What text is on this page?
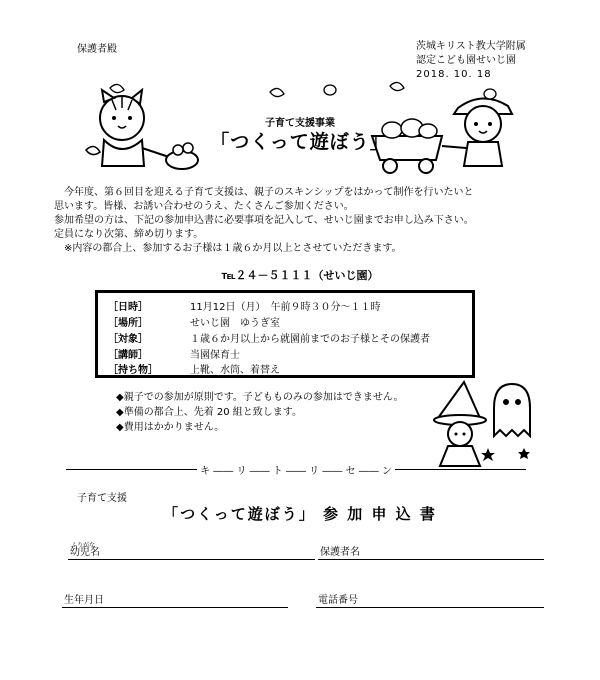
保護者殿	茨城キリスト教大学附属
認定こども園せいじ園
2018. 10. 18
子育て支援事業
「つくって遊ぼう」

　今年度、第６回目を迎える子育て支援は、親子のスキンシップをはかって制作を行いたいと

思います。皆様、お誘い合わせのうえ、たくさんご参加ください。

参加希望の方は、下記の参加申込書に必要事項を記入して、せいじ園までお申し込み下さい。

定員になり次第、締め切ります。

　※内容の都合上、参加するお子様は１歳６か月以上とさせていただきます。

℡２４－５１１１（せいじ園）
［日時］	11月12日（月）　午前９時３０分～１１時
［場所］	せいじ園　ゆうぎ室
［対象］	１歳６か月以上から就園前までのお子様とその保護者
［講師］	当園保育士
［持ち物］	上靴、水筒、着替え
◆親子での参加が原則です。子どもものみの参加はできません。
◆準備の都合上、先着 20 組と致します。
◆費用はかかりません。
キ ―― リ ―― ト ―― リ ―― セ ―― ン
子育て支援
「つくって遊ぼう」 参 加 申 込 書
ふりがな
幼児名	保護者名
生年月日	電話番号
